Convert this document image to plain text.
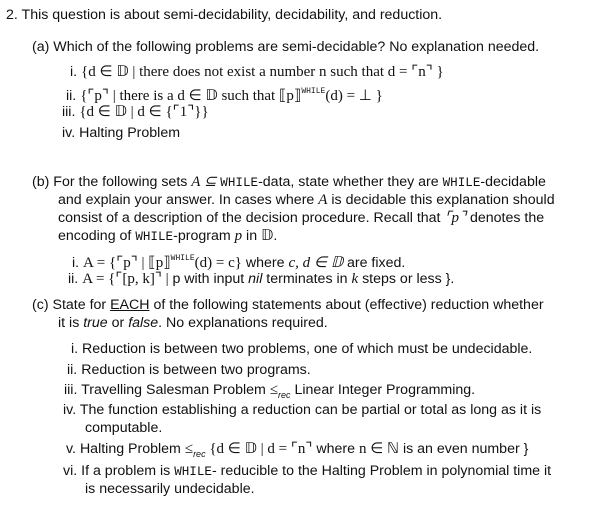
2. This question is about semi-decidability, decidability, and reduction.
(a) Which of the following problems are semi-decidable? No explanation needed.
i. {d ∈ 𝔻 | there does not exist a number n such that d = ⌜n⌝ }
ii. {⌜p⌝ | there is a d ∈ 𝔻 such that ⟦p⟧$^{WHILE}$(d) = ⊥ }
iii. {d ∈ 𝔻 | d ∈ {⌜1⌝}}
iv. Halting Problem
(b) For the following sets A ⊆ WHILE-data, state whether they are WHILE-decidable
and explain your answer. In cases where A is decidable this explanation should
consist of a description of the decision procedure. Recall that ⌜p⌝ denotes the
encoding of WHILE-program p in 𝔻.
i. A = {⌜p⌝ | ⟦p⟧$^{WHILE}$(d) = c} where c, d ∈ 𝔻 are fixed.
ii. A = {⌜[p, k]⌝ | p with input nil terminates in k steps or less }.
(c) State for EACH of the following statements about (effective) reduction whether
it is true or false. No explanations required.
i. Reduction is between two problems, one of which must be undecidable.
ii. Reduction is between two programs.
iii. Travelling Salesman Problem $\le_{rec}$ Linear Integer Programming.
iv. The function establishing a reduction can be partial or total as long as it is
computable.
v. Halting Problem $\le_{rec}$ {d ∈ 𝔻 | d = ⌜n⌝ where n ∈ ℕ is an even number }
vi. If a problem is WHILE- reducible to the Halting Problem in polynomial time it
is necessarily undecidable.
